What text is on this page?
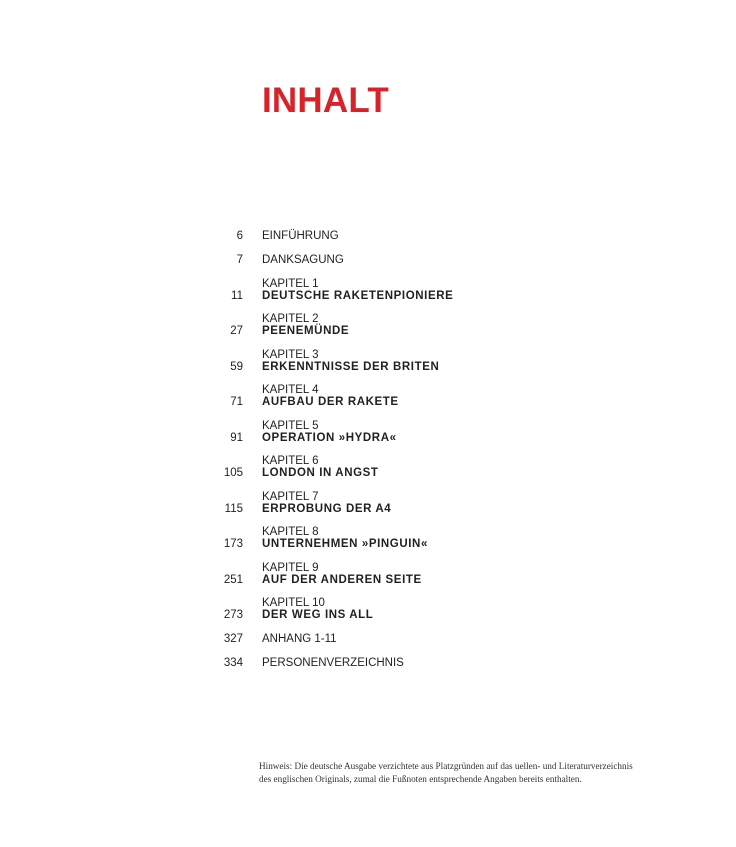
INHALT
6 EINFÜHRUNG
7 DANKSAGUNG
11
KAPITEL 1
DEUTSCHE RAKETENPIONIERE
27
KAPITEL 2
PEENEMÜNDE
59
KAPITEL 3
ERKENNTNISSE DER BRITEN
71
KAPITEL 4
AUFBAU DER RAKETE
91
KAPITEL 5
OPERATION »HYDRA«
105
KAPITEL 6
LONDON IN ANGST
115
KAPITEL 7
ERPROBUNG DER A4
173
KAPITEL 8
UNTERNEHMEN »PINGUIN«
251
KAPITEL 9
AUF DER ANDEREN SEITE
273
KAPITEL 10
DER WEG INS ALL
327 ANHANG 1-11
334 PERSONENVERZEICHNIS

Hinweis: Die deutsche Ausgabe verzichtete aus Platzgründen auf das uellen- und Literaturverzeichnis
des englischen Originals, zumal die Fußnoten entsprechende Angaben bereits enthalten.
